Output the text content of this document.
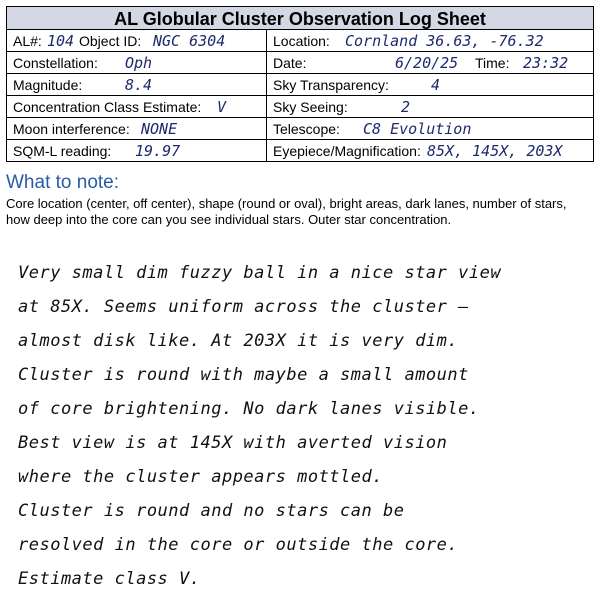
AL Globular Cluster Observation Log Sheet
AL#: 104 Object ID: NGC 6304	Location: Cornland 36.63, -76.32
Constellation: Oph	Date:	6/20/25 Time: 23:32
Magnitude:	8.4	Sky Transparency:	4
Concentration Class Estimate: V	Sky Seeing:	2
Moon interference: NONE	Telescope: C8 Evolution
SQM-L reading: 19.97	Eyepiece/Magnification: 85X, 145X, 203X
What to note:
Core location (center, off center), shape (round or oval), bright areas, dark lanes, number of stars, how deep into the core can you see individual stars. Outer star concentration.
Very small dim fuzzy ball in a nice star view
at 85X. Seems uniform across the cluster –
almost disk like. At 203X it is very dim.
Cluster is round with maybe a small amount
of core brightening. No dark lanes visible.
Best view is at 145X with averted vision
where the cluster appears mottled.
Cluster is round and no stars can be
resolved in the core or outside the core.
Estimate class V.
